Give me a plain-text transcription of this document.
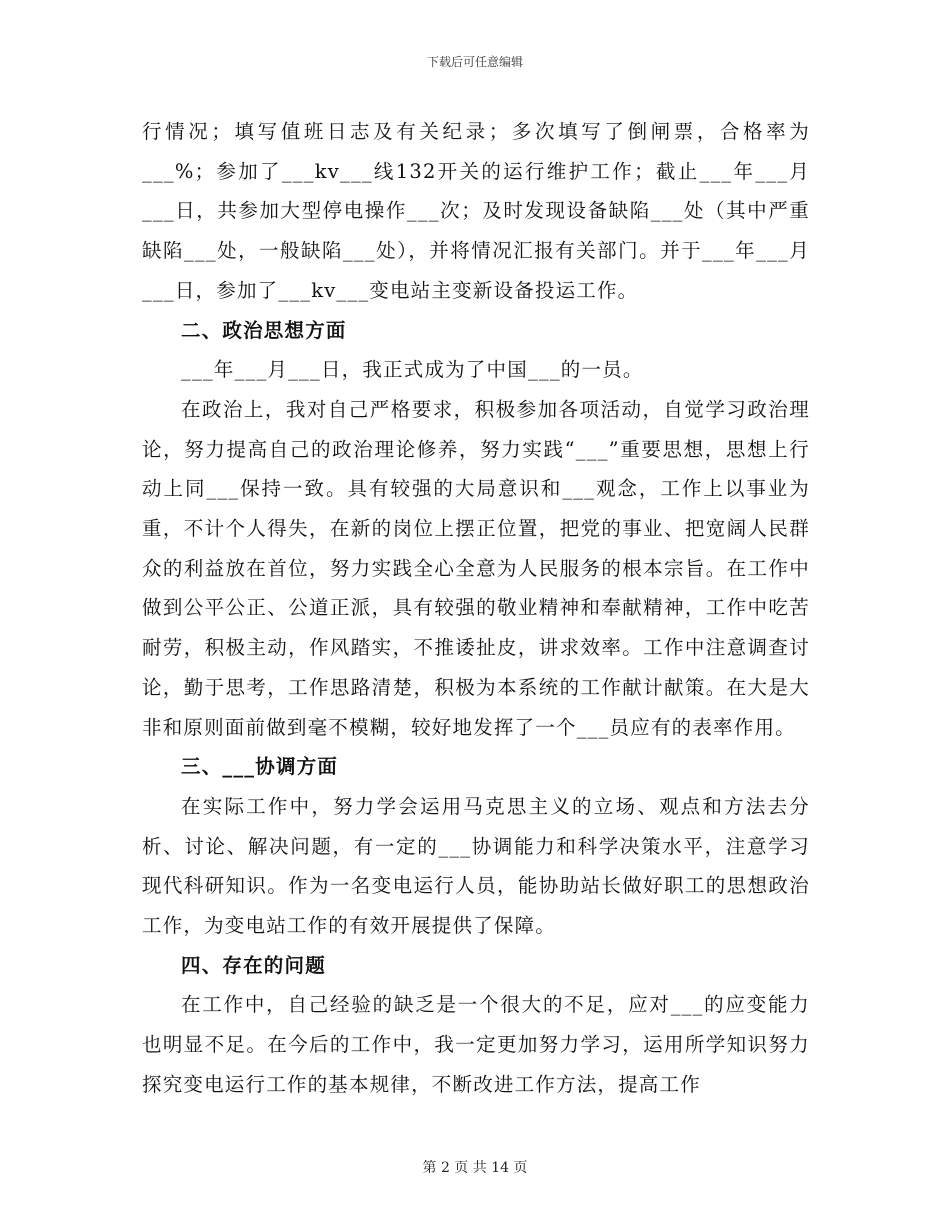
下载后可任意编辑

行情况；填写值班日志及有关纪录；多次填写了倒闸票，合格率为___%；参加了___kv___线132开关的运行维护工作；截止___年___月___日，共参加大型停电操作___次；及时发现设备缺陷___处（其中严重缺陷___处，一般缺陷___处），并将情况汇报有关部门。并于___年___月___日，参加了___kv___变电站主变新设备投运工作。

二、政治思想方面

___年___月___日，我正式成为了中国___的一员。

在政治上，我对自己严格要求，积极参加各项活动，自觉学习政治理论，努力提高自己的政治理论修养，努力实践“___”重要思想，思想上行动上同___保持一致。具有较强的大局意识和___观念，工作上以事业为重，不计个人得失，在新的岗位上摆正位置，把党的事业、把宽阔人民群众的利益放在首位，努力实践全心全意为人民服务的根本宗旨。在工作中做到公平公正、公道正派，具有较强的敬业精神和奉献精神，工作中吃苦耐劳，积极主动，作风踏实，不推诿扯皮，讲求效率。工作中注意调查讨论，勤于思考，工作思路清楚，积极为本系统的工作献计献策。在大是大非和原则面前做到毫不模糊，较好地发挥了一个___员应有的表率作用。

三、___协调方面

在实际工作中，努力学会运用马克思主义的立场、观点和方法去分析、讨论、解决问题，有一定的___协调能力和科学决策水平，注意学习现代科研知识。作为一名变电运行人员，能协助站长做好职工的思想政治工作，为变电站工作的有效开展提供了保障。

四、存在的问题

在工作中，自己经验的缺乏是一个很大的不足，应对___的应变能力也明显不足。在今后的工作中，我一定更加努力学习，运用所学知识努力探究变电运行工作的基本规律，不断改进工作方法，提高工作

第 2 页 共 14 页
